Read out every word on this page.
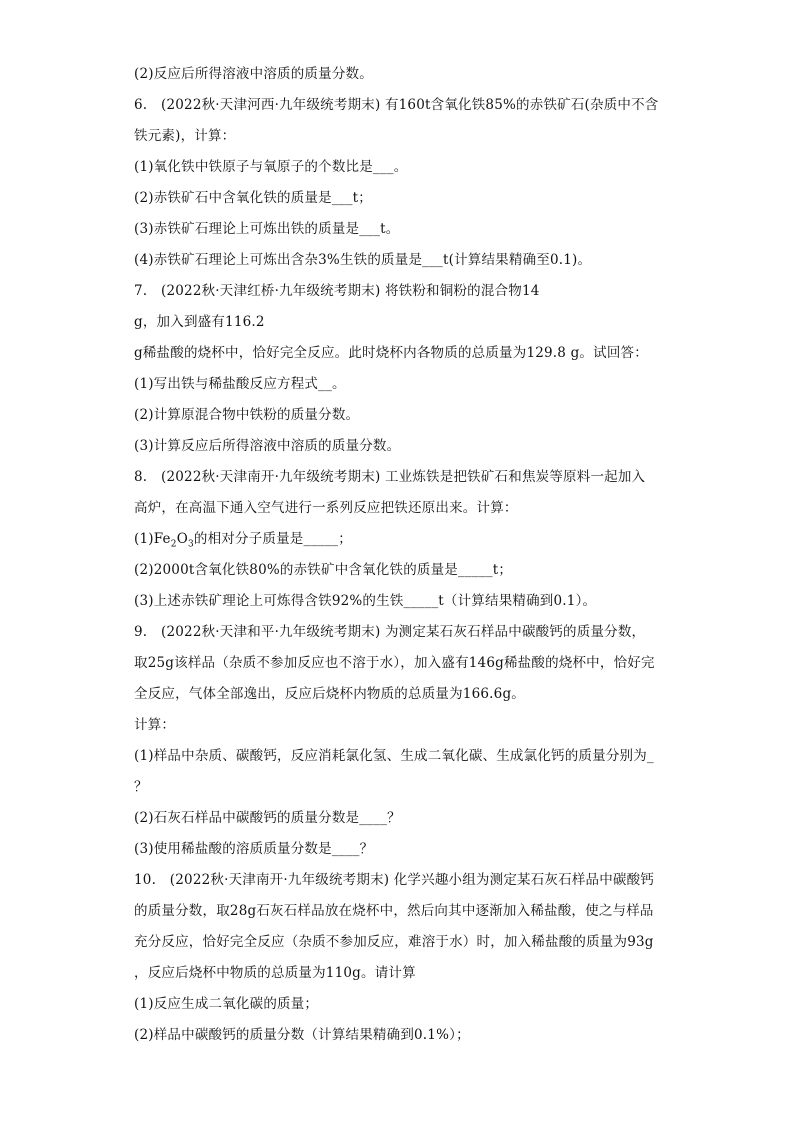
(2)反应后所得溶液中溶质的质量分数。
6.　(2022秋·天津河西·九年级统考期末) 有160t含氧化铁85%的赤铁矿石(杂质中不含
铁元素)，计算：
(1)氧化铁中铁原子与氧原子的个数比是___。
(2)赤铁矿石中含氧化铁的质量是___t；
(3)赤铁矿石理论上可炼出铁的质量是___t。
(4)赤铁矿石理论上可炼出含杂3%生铁的质量是___t(计算结果精确至0.1)。
7.　(2022秋·天津红桥·九年级统考期末) 将铁粉和铜粉的混合物14
g，加入到盛有116.2
g稀盐酸的烧杯中，恰好完全反应。此时烧杯内各物质的总质量为129.8 g。试回答：
(1)写出铁与稀盐酸反应方程式__。
(2)计算原混合物中铁粉的质量分数。
(3)计算反应后所得溶液中溶质的质量分数。
8.　(2022秋·天津南开·九年级统考期末) 工业炼铁是把铁矿石和焦炭等原料一起加入
高炉，在高温下通入空气进行一系列反应把铁还原出来。计算：
$(1)Fe_2O_3$的相对分子质量是_____；
(2)2000t含氧化铁80%的赤铁矿中含氧化铁的质量是_____t；
(3)上述赤铁矿理论上可炼得含铁92%的生铁_____t（计算结果精确到0.1）。
9.　(2022秋·天津和平·九年级统考期末) 为测定某石灰石样品中碳酸钙的质量分数，
取25g该样品（杂质不参加反应也不溶于水），加入盛有146g稀盐酸的烧杯中，恰好完
全反应，气体全部逸出，反应后烧杯内物质的总质量为166.6g。
计算：
(1)样品中杂质、碳酸钙，反应消耗氯化氢、生成二氧化碳、生成氯化钙的质量分别为_
？
(2)石灰石样品中碳酸钙的质量分数是____？
(3)使用稀盐酸的溶质质量分数是____？
10.　(2022秋·天津南开·九年级统考期末) 化学兴趣小组为测定某石灰石样品中碳酸钙
的质量分数，取28g石灰石样品放在烧杯中，然后向其中逐渐加入稀盐酸，使之与样品
充分反应，恰好完全反应（杂质不参加反应，难溶于水）时，加入稀盐酸的质量为93g
，反应后烧杯中物质的总质量为110g。请计算
(1)反应生成二氧化碳的质量；
(2)样品中碳酸钙的质量分数（计算结果精确到0.1%）；
